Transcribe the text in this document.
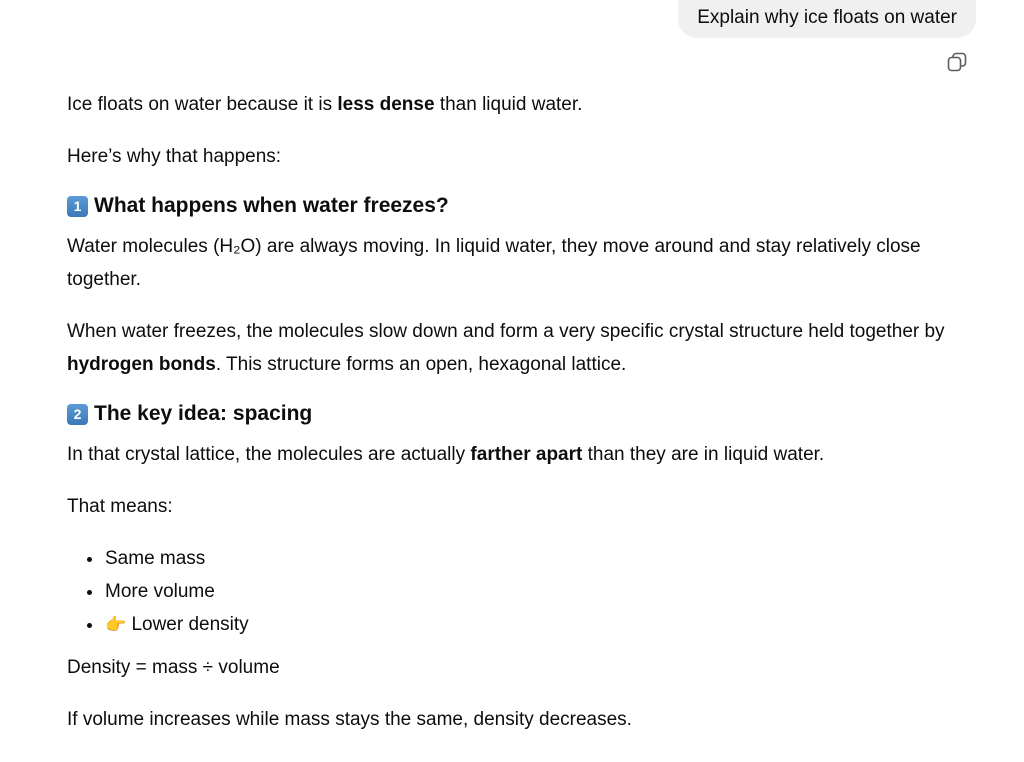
Explain why ice floats on water

Ice floats on water because it is less dense than liquid water.

Here’s why that happens:

1 What happens when water freezes?

Water molecules (H₂O) are always moving. In liquid water, they move around and stay relatively close together.

When water freezes, the molecules slow down and form a very specific crystal structure held together by hydrogen bonds. This structure forms an open, hexagonal lattice.

2 The key idea: spacing

In that crystal lattice, the molecules are actually farther apart than they are in liquid water.

That means:

• Same mass
• More volume
• 👉 Lower density

Density = mass ÷ volume

If volume increases while mass stays the same, density decreases.
